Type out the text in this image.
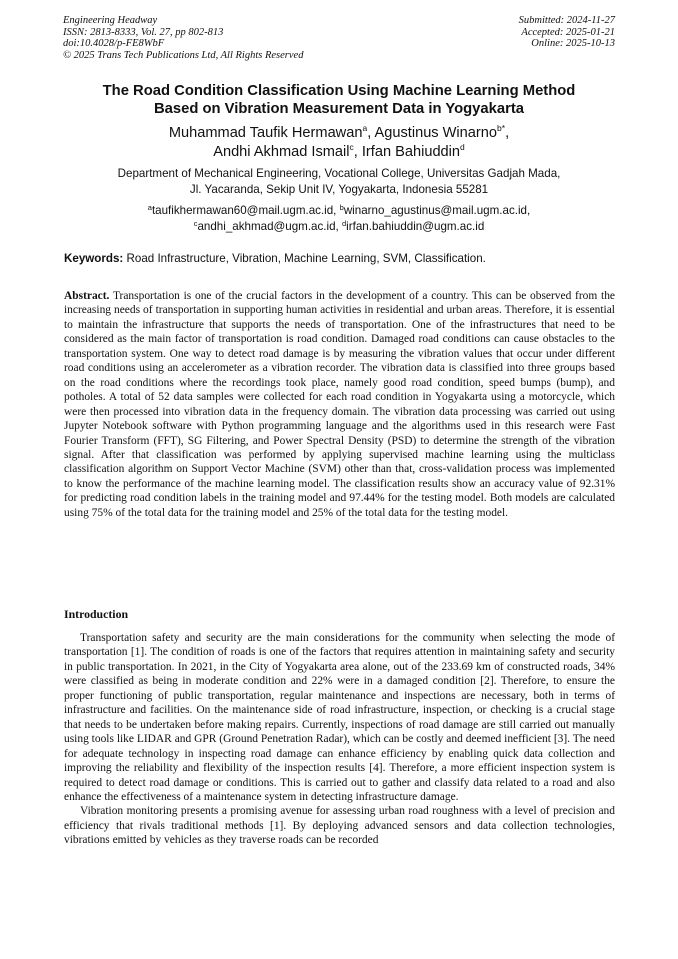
Engineering Headway
ISSN: 2813-8333, Vol. 27, pp 802-813
doi:10.4028/p-FE8WbF
© 2025 Trans Tech Publications Ltd, All Rights Reserved
Submitted: 2024-11-27
Accepted: 2025-01-21
Online: 2025-10-13
The Road Condition Classification Using Machine Learning Method
Based on Vibration Measurement Data in Yogyakarta
Muhammad Taufik Hermawan$^a$, Agustinus Winarno$^{b*}$,
Andhi Akhmad Ismail$^c$, Irfan Bahiuddin$^d$
Department of Mechanical Engineering, Vocational College, Universitas Gadjah Mada,
Jl. Yacaranda, Sekip Unit IV, Yogyakarta, Indonesia 55281
$^a$taufikhermawan60@mail.ugm.ac.id, $^b$winarno_agustinus@mail.ugm.ac.id,
$^c$andhi_akhmad@ugm.ac.id, $^d$irfan.bahiuddin@ugm.ac.id
Keywords: Road Infrastructure, Vibration, Machine Learning, SVM, Classification.

Abstract. Transportation is one of the crucial factors in the development of a country. This can be observed from the increasing needs of transportation in supporting human activities in residential and urban areas. Therefore, it is essential to maintain the infrastructure that supports the needs of transportation. One of the infrastructures that need to be considered as the main factor of transportation is road condition. Damaged road conditions can cause obstacles to the transportation system. One way to detect road damage is by measuring the vibration values that occur under different road conditions using an accelerometer as a vibration recorder. The vibration data is classified into three groups based on the road conditions where the recordings took place, namely good road condition, speed bumps (bump), and potholes. A total of 52 data samples were collected for each road condition in Yogyakarta using a motorcycle, which were then processed into vibration data in the frequency domain. The vibration data processing was carried out using Jupyter Notebook software with Python programming language and the algorithms used in this research were Fast Fourier Transform (FFT), SG Filtering, and Power Spectral Density (PSD) to determine the strength of the vibration signal. After that classification was performed by applying supervised machine learning using the multiclass classification algorithm on Support Vector Machine (SVM) other than that, cross-validation process was implemented to know the performance of the machine learning model. The classification results show an accuracy value of 92.31% for predicting road condition labels in the training model and 97.44% for the testing model. Both models are calculated using 75% of the total data for the training model and 25% of the total data for the testing model.

Introduction

Transportation safety and security are the main considerations for the community when selecting the mode of transportation [1]. The condition of roads is one of the factors that requires attention in maintaining safety and security in public transportation. In 2021, in the City of Yogyakarta area alone, out of the 233.69 km of constructed roads, 34% were classified as being in moderate condition and 22% were in a damaged condition [2]. Therefore, to ensure the proper functioning of public transportation, regular maintenance and inspections are necessary, both in terms of infrastructure and facilities. On the maintenance side of road infrastructure, inspection, or checking is a crucial stage that needs to be undertaken before making repairs. Currently, inspections of road damage are still carried out manually using tools like LIDAR and GPR (Ground Penetration Radar), which can be costly and deemed inefficient [3]. The need for adequate technology in inspecting road damage can enhance efficiency by enabling quick data collection and improving the reliability and flexibility of the inspection results [4]. Therefore, a more efficient inspection system is required to detect road damage or conditions. This is carried out to gather and classify data related to a road and also enhance the effectiveness of a maintenance system in detecting infrastructure damage.

Vibration monitoring presents a promising avenue for assessing urban road roughness with a level of precision and efficiency that rivals traditional methods [1]. By deploying advanced sensors and data collection technologies, vibrations emitted by vehicles as they traverse roads can be recorded
